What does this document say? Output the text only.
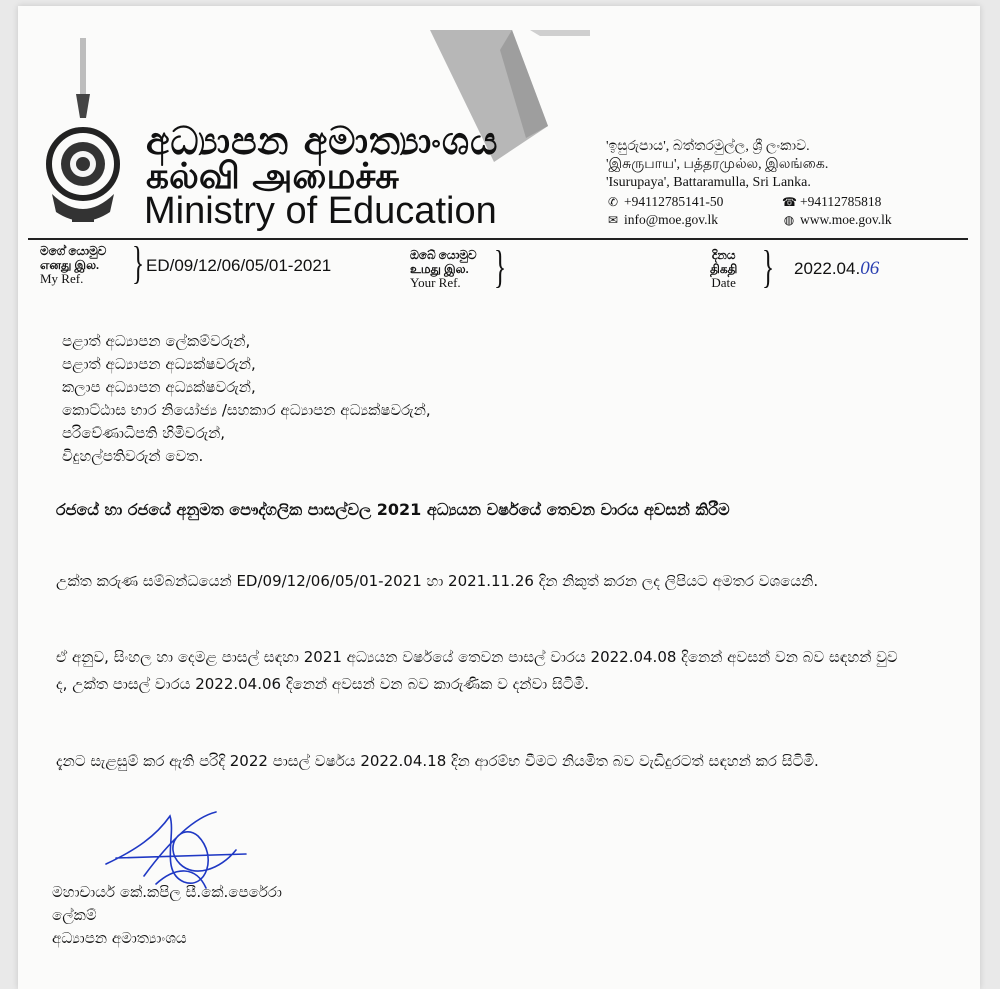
අධ්‍යාපන අමාත්‍යාංශය
கல்வி அமைச்சு
Ministry of Education
'ඉසුරුපාය', බත්තරමුල්ල, ශ්‍රී ලංකාව.
'இசுருபாய', பத்தரமுல்ல, இலங்கை.
'Isurupaya', Battaramulla, Sri Lanka.
✆ +94112785141-50	☎ +94112785818
✉ info@moe.gov.lk	◍ www.moe.gov.lk
මගේ යොමුව
எனது இல.
My Ref.	} ED/09/12/06/05/01-2021
ඔබේ යොමුව
உமது இல.
Your Ref. }	දිනය
திகதி
Date } 2022.04.06
පළාත් අධ්‍යාපන ලේකම්වරුන්,
පළාත් අධ්‍යාපන අධ්‍යක්ෂවරුන්,
කලාප අධ්‍යාපන අධ්‍යක්ෂවරුන්,
කොට්ඨාස භාර නියෝජ්‍ය /සහකාර අධ්‍යාපන අධ්‍යක්ෂවරුන්,
පරිවේණාධිපති හිමිවරුන්,
විදුහල්පතිවරුන් වෙත.
රජයේ හා රජයේ අනුමත පෞද්ගලික පාසල්වල 2021 අධ්‍යයන වර්ෂයේ තෙවන වාරය අවසන් කිරීම
උක්ත කරුණ සම්බන්ධයෙන් ED/09/12/06/05/01-2021 හා 2021.11.26 දින නිකුත් කරන ලද ලිපියට අමතර වශයෙනි.
ඒ අනුව, සිංහල හා දෙමළ පාසල් සඳහා 2021 අධ්‍යයන වර්ෂයේ තෙවන පාසල් වාරය 2022.04.08 දිනෙන් අවසන් වන බව සඳහන් වුව ද, උක්ත පාසල් වාරය 2022.04.06 දිනෙන් අවසන් වන බව කාරුණික ව දන්වා සිටිමි.
දැනට සැළසුම් කර ඇති පරිදි 2022 පාසල් වර්ෂය 2022.04.18 දින ආරම්භ වීමට නියමිත බව වැඩිදුරටත් සඳහන් කර සිටිමි.
මහාචාර්ය කේ.කපිල සී.කේ.පෙරේරා
ලේකම්
අධ්‍යාපන අමාත්‍යාංශය
